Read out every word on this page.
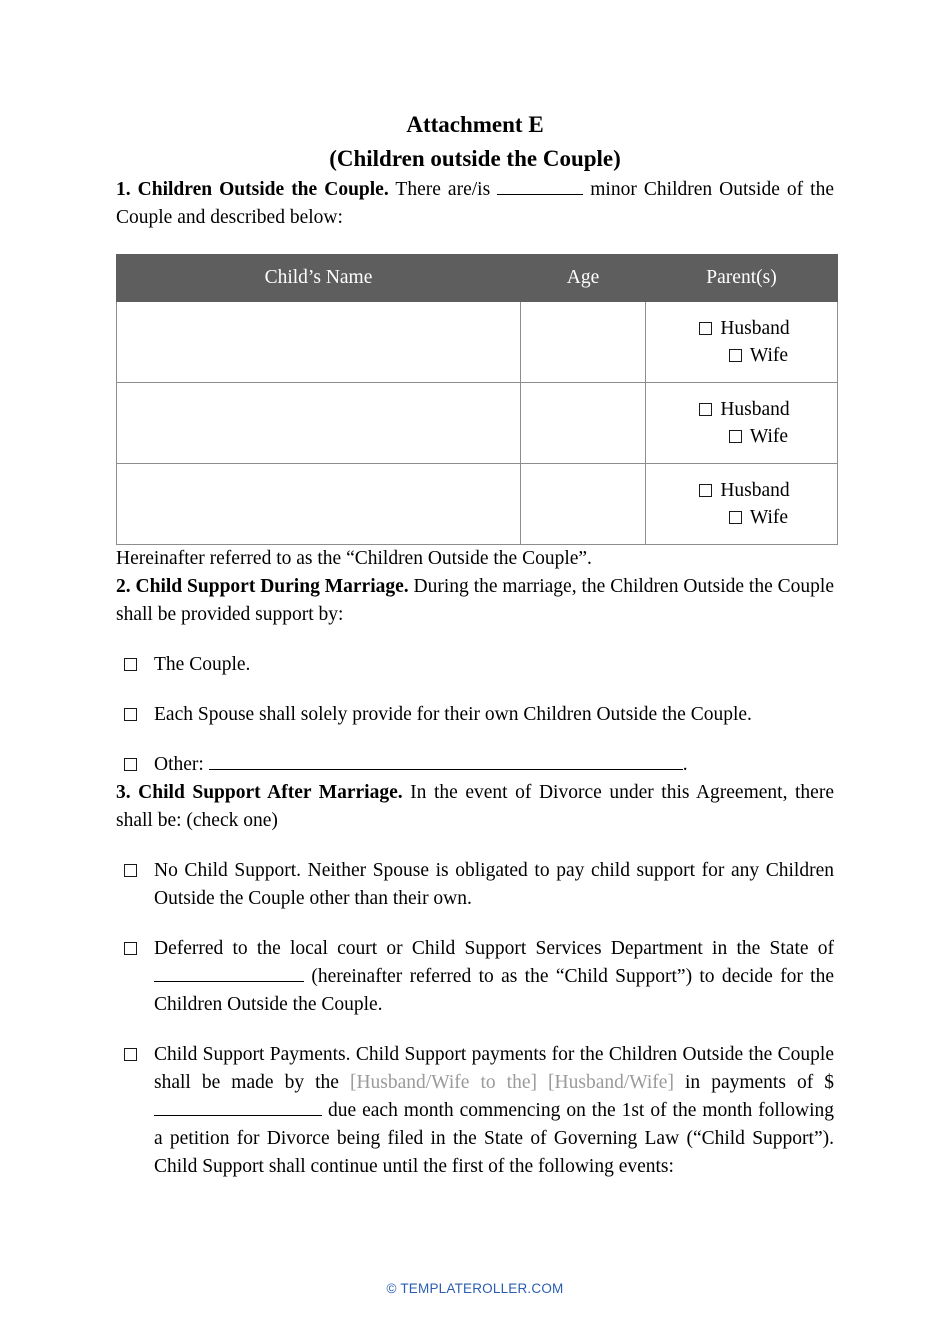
Attachment E
(Children outside the Couple)

1. Children Outside the Couple. There are/is	minor Children Outside of the Couple and described below:

Child’s Name	Age	Parent(s)

		Husband
Wife

		Husband
Wife

		Husband
Wife

Hereinafter referred to as the “Children Outside the Couple”.

2. Child Support During Marriage. During the marriage, the Children Outside the Couple shall be provided support by:

The Couple.
Each Spouse shall solely provide for their own Children Outside the Couple.
Other:	.

3. Child Support After Marriage. In the event of Divorce under this Agreement, there shall be: (check one)

No Child Support. Neither Spouse is obligated to pay child support for any Children Outside the Couple other than their own.
Deferred to the local court or Child Support Services Department in the State of  (hereinafter referred to as the “Child Support”) to decide for the Children Outside the Couple.
Child Support Payments. Child Support payments for the Children Outside the Couple shall be made by the [Husband/Wife to the] [Husband/Wife] in payments of $ due each month commencing on the 1st of the month following a petition for Divorce being filed in the State of Governing Law (“Child Support”). Child Support shall continue until the first of the following events:
© TEMPLATEROLLER.COM
